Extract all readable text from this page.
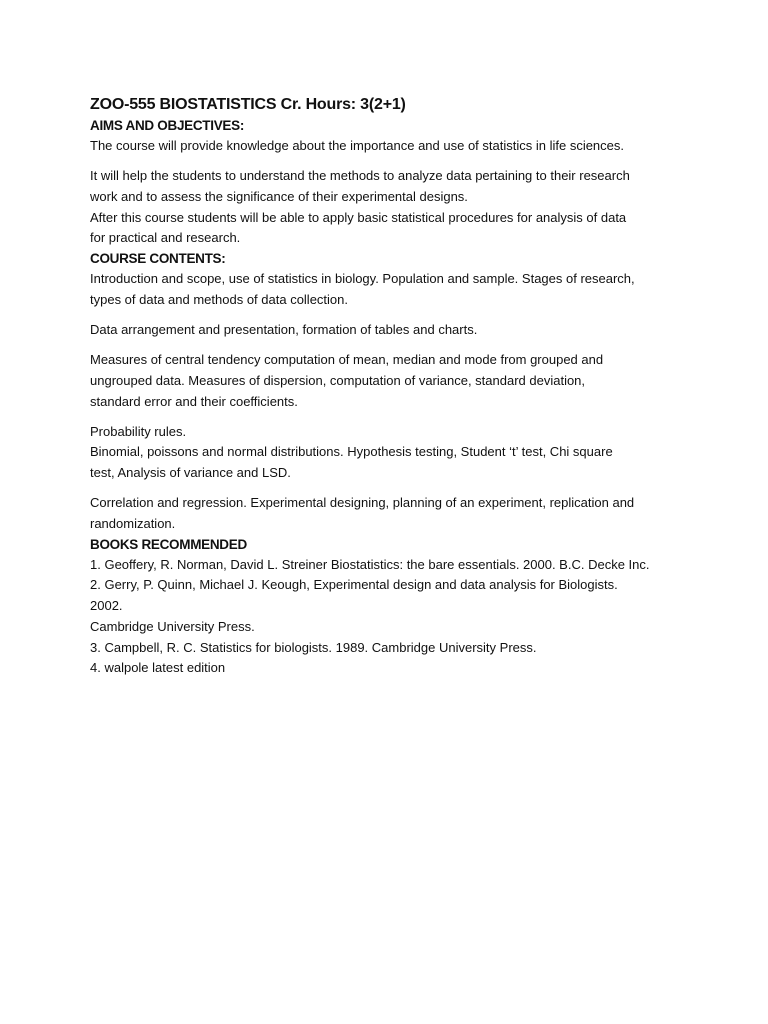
ZOO-555 BIOSTATISTICS Cr. Hours: 3(2+1)
AIMS AND OBJECTIVES:

The course will provide knowledge about the importance and use of statistics in life sciences.

It will help the students to understand the methods to analyze data pertaining to their research
work and to assess the significance of their experimental designs.
After this course students will be able to apply basic statistical procedures for analysis of data
for practical and research.

COURSE CONTENTS:

Introduction and scope, use of statistics in biology. Population and sample. Stages of research,
types of data and methods of data collection.

Data arrangement and presentation, formation of tables and charts.

Measures of central tendency computation of mean, median and mode from grouped and
ungrouped data. Measures of dispersion, computation of variance, standard deviation,
standard error and their coefficients.

Probability rules.
Binomial, poissons and normal distributions. Hypothesis testing, Student ‘t’ test, Chi square
test, Analysis of variance and LSD.

Correlation and regression. Experimental designing, planning of an experiment, replication and
randomization.

BOOKS RECOMMENDED

1. Geoffery, R. Norman, David L. Streiner Biostatistics: the bare essentials. 2000. B.C. Decke Inc.
2. Gerry, P. Quinn, Michael J. Keough, Experimental design and data analysis for Biologists.
2002.
Cambridge University Press.
3. Campbell, R. C. Statistics for biologists. 1989. Cambridge University Press.
4. walpole latest edition
